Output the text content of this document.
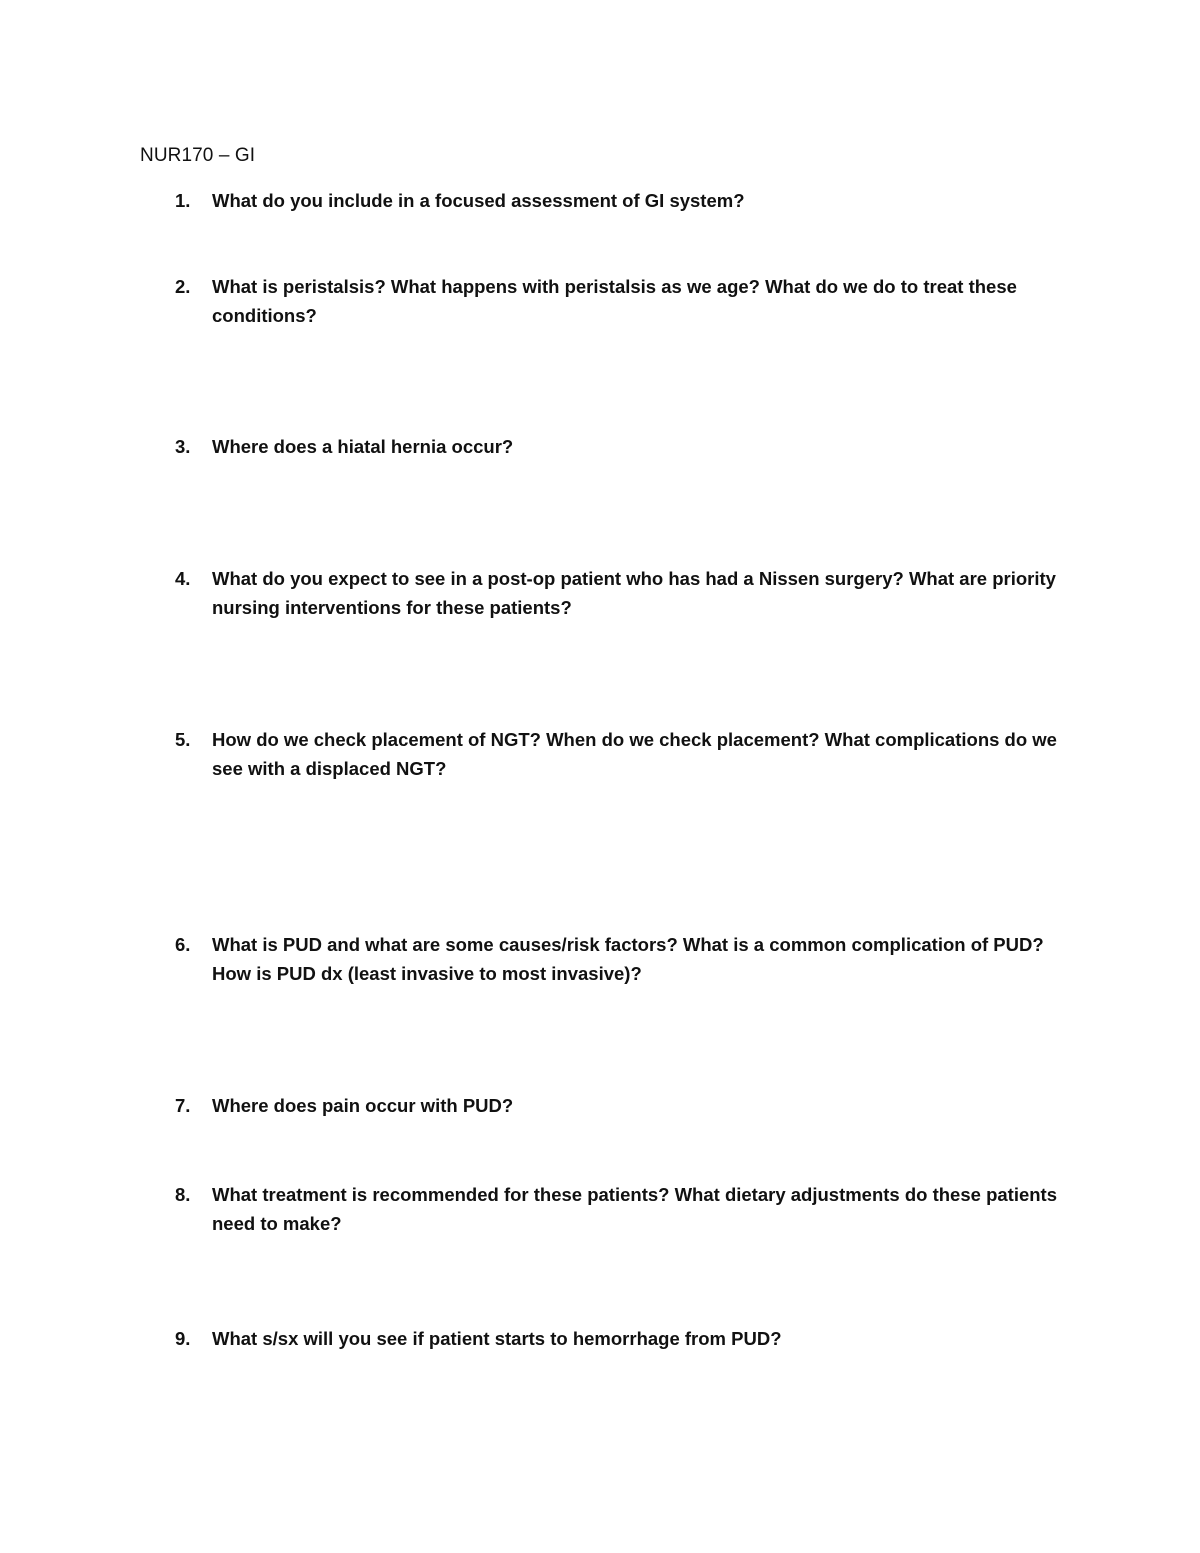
NUR170 – GI
1.	What do you include in a focused assessment of GI system?
2.	What is peristalsis? What happens with peristalsis as we age? What do we do to treat these conditions?
3.	Where does a hiatal hernia occur?
4.	What do you expect to see in a post-op patient who has had a Nissen surgery? What are priority nursing interventions for these patients?
5.	How do we check placement of NGT? When do we check placement? What complications do we see with a displaced NGT?
6.	What is PUD and what are some causes/risk factors? What is a common complication of PUD? How is PUD dx (least invasive to most invasive)?
7.	Where does pain occur with PUD?
8.	What treatment is recommended for these patients? What dietary adjustments do these patients need to make?
9.	What s/sx will you see if patient starts to hemorrhage from PUD?
